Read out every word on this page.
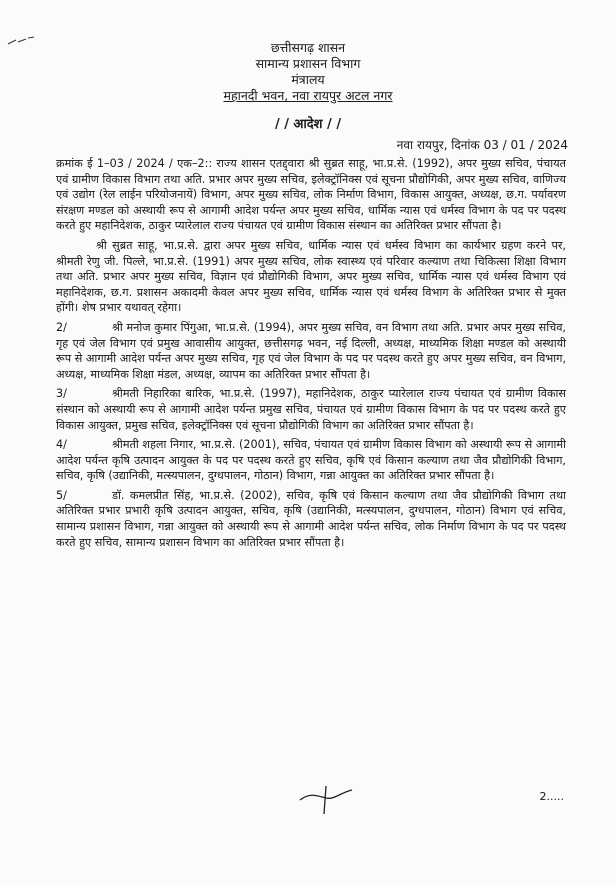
छत्तीसगढ़ शासन
सामान्य प्रशासन विभाग
मंत्रालय
महानदी भवन, नवा रायपुर अटल नगर
/ / आदेश / /
नवा रायपुर, दिनांक 03 / 01 / 2024

क्रमांक ई 1–03 / 2024 / एक–2:: राज्य शासन एतद्द्वारा श्री सुब्रत साहू, भा.प्र.से. (1992), अपर मुख्य सचिव, पंचायत एवं ग्रामीण विकास विभाग तथा अति. प्रभार अपर मुख्य सचिव, इलेक्ट्रॉनिक्स एवं सूचना प्रौद्योगिकी, अपर मुख्य सचिव, वाणिज्य एवं उद्योग (रेल लाईन परियोजनायें) विभाग, अपर मुख्य सचिव, लोक निर्माण विभाग, विकास आयुक्त, अध्यक्ष, छ.ग. पर्यावरण संरक्षण मण्डल को अस्थायी रूप से आगामी आदेश पर्यन्त अपर मुख्य सचिव, धार्मिक न्यास एवं धर्मस्व विभाग के पद पर पदस्थ करते हुए महानिदेशक, ठाकुर प्यारेलाल राज्य पंचायत एवं ग्रामीण विकास संस्थान का अतिरिक्त प्रभार सौंपता है।

श्री सुब्रत साहू, भा.प्र.से. द्वारा अपर मुख्य सचिव, धार्मिक न्यास एवं धर्मस्व विभाग का कार्यभार ग्रहण करने पर, श्रीमती रेणु जी. पिल्ले, भा.प्र.से. (1991) अपर मुख्य सचिव, लोक स्वास्थ्य एवं परिवार कल्याण तथा चिकित्सा शिक्षा विभाग तथा अति. प्रभार अपर मुख्य सचिव, विज्ञान एवं प्रौद्योगिकी विभाग, अपर मुख्य सचिव, धार्मिक न्यास एवं धर्मस्व विभाग एवं महानिदेशक, छ.ग. प्रशासन अकादमी केवल अपर मुख्य सचिव, धार्मिक न्यास एवं धर्मस्व विभाग के अतिरिक्त प्रभार से मुक्त होंगी। शेष प्रभार यथावत् रहेगा।

2/	श्री मनोज कुमार पिंगुआ, भा.प्र.से. (1994), अपर मुख्य सचिव, वन विभाग तथा अति. प्रभार अपर मुख्य सचिव, गृह एवं जेल विभाग एवं प्रमुख आवासीय आयुक्त, छत्तीसगढ़ भवन, नई दिल्ली, अध्यक्ष, माध्यमिक शिक्षा मण्डल को अस्थायी रूप से आगामी आदेश पर्यन्त अपर मुख्य सचिव, गृह एवं जेल विभाग के पद पर पदस्थ करते हुए अपर मुख्य सचिव, वन विभाग, अध्यक्ष, माध्यमिक शिक्षा मंडल, अध्यक्ष, व्यापम का अतिरिक्त प्रभार सौंपता है।

3/	श्रीमती निहारिका बारिक, भा.प्र.से. (1997), महानिदेशक, ठाकुर प्यारेलाल राज्य पंचायत एवं ग्रामीण विकास संस्थान को अस्थायी रूप से आगामी आदेश पर्यन्त प्रमुख सचिव, पंचायत एवं ग्रामीण विकास विभाग के पद पर पदस्थ करते हुए विकास आयुक्त, प्रमुख सचिव, इलेक्ट्रॉनिक्स एवं सूचना प्रौद्योगिकी विभाग का अतिरिक्त प्रभार सौंपता है।

4/	श्रीमती शहला निगार, भा.प्र.से. (2001), सचिव, पंचायत एवं ग्रामीण विकास विभाग को अस्थायी रूप से आगामी आदेश पर्यन्त कृषि उत्पादन आयुक्त के पद पर पदस्थ करते हुए सचिव, कृषि एवं किसान कल्याण तथा जैव प्रौद्योगिकी विभाग, सचिव, कृषि (उद्यानिकी, मत्स्यपालन, दुग्धपालन, गोठान) विभाग, गन्ना आयुक्त का अतिरिक्त प्रभार सौंपता है।

5/	डॉ. कमलप्रीत सिंह, भा.प्र.से. (2002), सचिव, कृषि एवं किसान कल्याण तथा जैव प्रौद्योगिकी विभाग तथा अतिरिक्त प्रभार प्रभारी कृषि उत्पादन आयुक्त, सचिव, कृषि (उद्यानिकी, मत्स्यपालन, दुग्धपालन, गोठान) विभाग एवं सचिव, सामान्य प्रशासन विभाग, गन्ना आयुक्त को अस्थायी रूप से आगामी आदेश पर्यन्त सचिव, लोक निर्माण विभाग के पद पर पदस्थ करते हुए सचिव, सामान्य प्रशासन विभाग का अतिरिक्त प्रभार सौंपता है।

2.....
